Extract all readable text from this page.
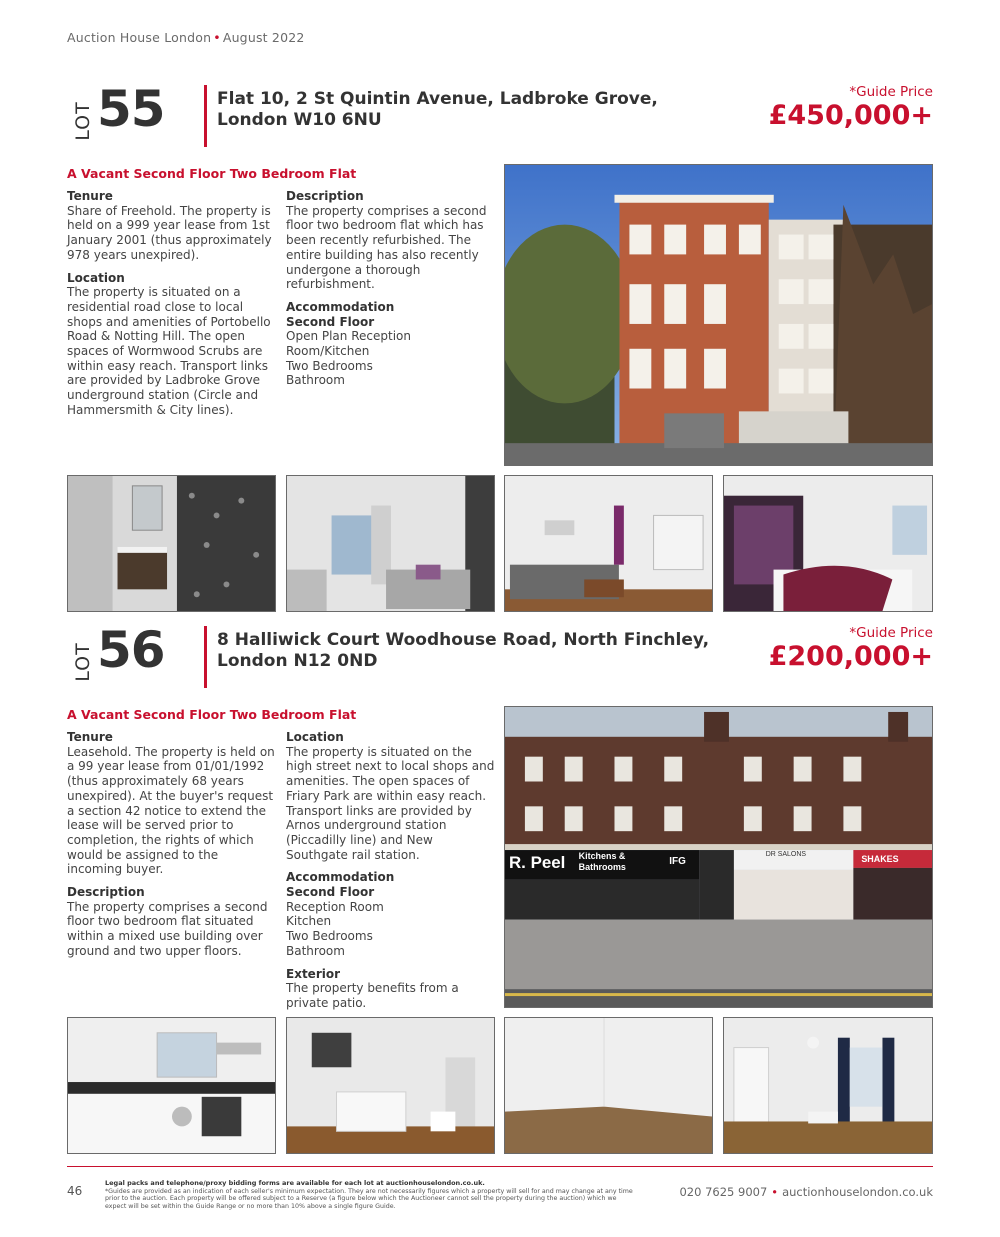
Auction House London • August 2022
LOT 55	Flat 10, 2 St Quintin Avenue, Ladbroke Grove,
London W10 6NU
*Guide Price
£450,000+
A Vacant Second Floor Two Bedroom Flat
Tenure

Share of Freehold. The property is held on a 999 year lease from 1st January 2001 (thus approximately 978 years unexpired).

Location

The property is situated on a residential road close to local shops and amenities of Portobello Road & Notting Hill. The open spaces of Wormwood Scrubs are within easy reach. Transport links are provided by Ladbroke Grove underground station (Circle and Hammersmith & City lines).

Description

The property comprises a second floor two bedroom flat which has been recently refurbished. The entire building has also recently undergone a thorough refurbishment.

Accommodation
Second Floor
Open Plan Reception Room/Kitchen
Two Bedrooms
Bathroom
LOT 56	8 Halliwick Court Woodhouse Road, North Finchley,
London N12 0ND
*Guide Price
£200,000+
A Vacant Second Floor Two Bedroom Flat
Tenure

Leasehold. The property is held on a 99 year lease from 01/01/1992 (thus approximately 68 years unexpired). At the buyer's request a section 42 notice to extend the lease will be served prior to completion, the rights of which would be assigned to the incoming buyer.

Description

The property comprises a second floor two bedroom flat situated within a mixed use building over ground and two upper floors.

Location

The property is situated on the high street next to local shops and amenities. The open spaces of Friary Park are within easy reach. Transport links are provided by Arnos underground station (Piccadilly line) and New Southgate rail station.

Accommodation
Second Floor
Reception Room
Kitchen
Two Bedrooms
Bathroom
Exterior

The property benefits from a private patio.

R. Peel Kitchens &
Bathrooms	IFG
DR SALONS	SHAKES
46
Legal packs and telephone/proxy bidding forms are available for each lot at auctionhouselondon.co.uk.
*Guides are provided as an indication of each seller's minimum expectation. They are not necessarily figures which a property will sell for and may change at any time prior to the auction. Each property will be offered subject to a Reserve (a figure below which the Auctioneer cannot sell the property during the auction) which we expect will be set within the Guide Range or no more than 10% above a single figure Guide.
020 7625 9007 • auctionhouselondon.co.uk
